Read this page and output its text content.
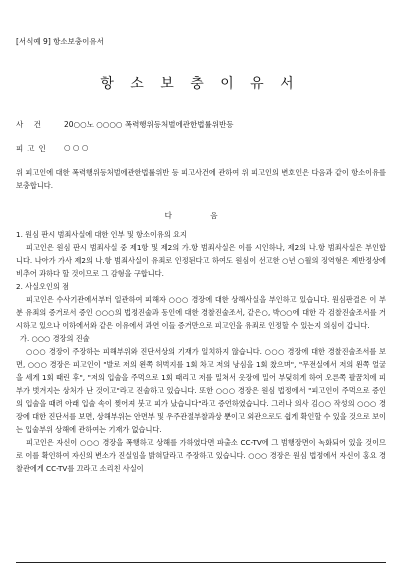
[서식예 9] 항소보충이유서
항 소 보 충 이 유 서
사 건	20○○노 ○○○○ 폭력행위등처벌에관한법률위반등
피고인	○ ○ ○

위 피고인에 대한 폭력행위등처벌에관한법률위반 등 피고사건에 관하여 위 피고인의 변호인은 다음과 같이 항소이유를 보충합니다.

다 음

1. 원심 판시 범죄사실에 대한 인부 및 항소이유의 요지

피고인은 원심 판시 범죄사실 중 제1항 및 제2의 가.항 범죄사실은 이를 시인하나, 제2의 나.항 범죄사실은 부인합니다. 나아가 가사 제2의 나.항 범죄사실이 유죄로 인정된다고 하여도 원심이 선고한 ○년 ○월의 징역형은 제반정상에 비추어 과하다 할 것이므로 그 감형을 구합니다.

2. 사실오인의 점

피고인은 수사기관에서부터 일관하여 피해자 ○○○ 경장에 대한 상해사실을 부인하고 있습니다. 원심판결은 이 부분 유죄의 증거로서 증인 ○○○의 법정진술과 동인에 대한 경찰진술조서, 같은○, 박○○에 대한 각 검찰진술조서를 거시하고 있으나 이하에서와 같은 이유에서 과연 이들 증거만으로 피고인을 유죄로 인정할 수 있는지 의심이 갑니다.

가. ○○○ 경장의 진술

○○○ 경장이 주장하는 피해부위와 진단서상의 기재가 일치하지 않습니다. ○○○ 경장에 대한 경찰진술조서를 보면, ○○○ 경장은 피고인이 "발로 저의 왼쪽 허벅지를 1회 차고 저의 낭심을 1회 찼으며", "무전실에서 저의 왼쪽 얼굴을 세게 1회 때린 후", "저의 입술을 주먹으로 1회 때리고 저를 밀쳐서 옷장에 밀어 부딪히게 하여 오른쪽 팔꿈치에 피부가 벗겨지는 상처가 난 것이고"라고 진술하고 있습니다. 또한 ○○○ 경장은 원심 법정에서 "피고인이 주먹으로 증인의 입술을 때려 아래 입술 속이 찢어져 붓고 피가 났습니다"라고 증언하였습니다. 그러나 의사 김○○ 작성의 ○○○ 경장에 대한 진단서를 보면, 상해부위는 안면부 및 우주관절부찰과상 뿐이고 외관으로도 쉽게 확인할 수 있을 것으로 보이는 입술부위 상해에 관하여는 기재가 없습니다.

피고인은 자신이 ○○○ 경장을 폭행하고 상해를 가하였다면 파출소 CC-TV에 그 범행장면이 녹화되어 있을 것이므로 이를 확인하여 자신의 변소가 진실임을 밝혀달라고 주장하고 있습니다. ○○○ 경장은 원심 법정에서 자신이 홍요 경찰관에게 CC-TV를 끄라고 소리친 사실이
